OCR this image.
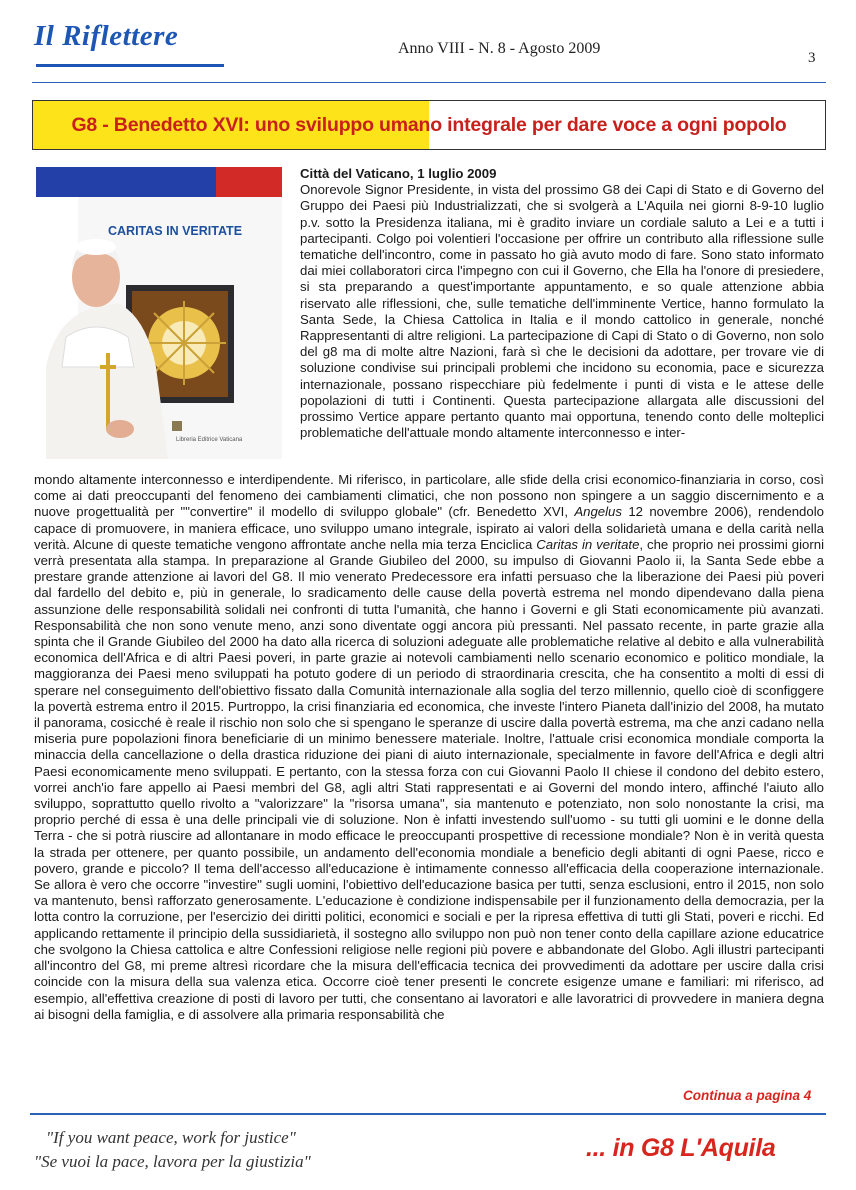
Il Riflettere	Anno VIII - N. 8 - Agosto 2009
3
G8 - Benedetto XVI: uno sviluppo umano integrale per dare voce a ogni popolo
CARITAS IN VERITATE
Libreria Editrice Vaticana
Città del Vaticano, 1 luglio 2009
Onorevole Signor Presidente, in vista del prossimo G8 dei Capi di Stato e di Governo del Gruppo dei Paesi più Industrializzati, che si svolgerà a L'Aquila nei giorni 8-9-10 luglio p.v. sotto la Presidenza italiana, mi è gradito inviare un cordiale saluto a Lei e a tutti i partecipanti. Colgo poi volentieri l'occasione per offrire un contributo alla riflessione sulle tematiche dell'incontro, come in passato ho già avuto modo di fare. Sono stato informato dai miei collaboratori circa l'impegno con cui il Governo, che Ella ha l'onore di presiedere, si sta preparando a quest'importante appuntamento, e so quale attenzione abbia riservato alle riflessioni, che, sulle tematiche dell'imminente Vertice, hanno formulato la Santa Sede, la Chiesa Cattolica in Italia e il mondo cattolico in generale, nonché Rappresentanti di altre religioni. La partecipazione di Capi di Stato o di Governo, non solo del g8 ma di molte altre Nazioni, farà sì che le decisioni da adottare, per trovare vie di soluzione condivise sui principali problemi che incidono su economia, pace e sicurezza internazionale, possano rispecchiare più fedelmente i punti di vista e le attese delle popolazioni di tutti i Continenti. Questa partecipazione allargata alle discussioni del prossimo Vertice appare pertanto quanto mai opportuna, tenendo conto delle molteplici problematiche dell'attuale mondo altamente interconnesso e inter-
mondo altamente interconnesso e interdipendente. Mi riferisco, in particolare, alle sfide della crisi economico-finanziaria in corso, così come ai dati preoccupanti del fenomeno dei cambiamenti climatici, che non possono non spingere a un saggio discernimento e a nuove progettualità per ""convertire" il modello di sviluppo globale" (cfr. Benedetto XVI, Angelus 12 novembre 2006), rendendolo capace di promuovere, in maniera efficace, uno sviluppo umano integrale, ispirato ai valori della solidarietà umana e della carità nella verità. Alcune di queste tematiche vengono affrontate anche nella mia terza Enciclica Caritas in veritate, che proprio nei prossimi giorni verrà presentata alla stampa. In preparazione al Grande Giubileo del 2000, su impulso di Giovanni Paolo ii, la Santa Sede ebbe a prestare grande attenzione ai lavori del G8. Il mio venerato Predecessore era infatti persuaso che la liberazione dei Paesi più poveri dal fardello del debito e, più in generale, lo sradicamento delle cause della povertà estrema nel mondo dipendevano dalla piena assunzione delle responsabilità solidali nei confronti di tutta l'umanità, che hanno i Governi e gli Stati economicamente più avanzati. Responsabilità che non sono venute meno, anzi sono diventate oggi ancora più pressanti. Nel passato recente, in parte grazie alla spinta che il Grande Giubileo del 2000 ha dato alla ricerca di soluzioni adeguate alle problematiche relative al debito e alla vulnerabilità economica dell'Africa e di altri Paesi poveri, in parte grazie ai notevoli cambiamenti nello scenario economico e politico mondiale, la maggioranza dei Paesi meno sviluppati ha potuto godere di un periodo di straordinaria crescita, che ha consentito a molti di essi di sperare nel conseguimento dell'obiettivo fissato dalla Comunità internazionale alla soglia del terzo millennio, quello cioè di sconfiggere la povertà estrema entro il 2015. Purtroppo, la crisi finanziaria ed economica, che investe l'intero Pianeta dall'inizio del 2008, ha mutato il panorama, cosicché è reale il rischio non solo che si spengano le speranze di uscire dalla povertà estrema, ma che anzi cadano nella miseria pure popolazioni finora beneficiarie di un minimo benessere materiale. Inoltre, l'attuale crisi economica mondiale comporta la minaccia della cancellazione o della drastica riduzione dei piani di aiuto internazionale, specialmente in favore dell'Africa e degli altri Paesi economicamente meno sviluppati. E pertanto, con la stessa forza con cui Giovanni Paolo II chiese il condono del debito estero, vorrei anch'io fare appello ai Paesi membri del G8, agli altri Stati rappresentati e ai Governi del mondo intero, affinché l'aiuto allo sviluppo, soprattutto quello rivolto a "valorizzare" la "risorsa umana", sia mantenuto e potenziato, non solo nonostante la crisi, ma proprio perché di essa è una delle principali vie di soluzione. Non è infatti investendo sull'uomo - su tutti gli uomini e le donne della Terra - che si potrà riuscire ad allontanare in modo efficace le preoccupanti prospettive di recessione mondiale? Non è in verità questa la strada per ottenere, per quanto possibile, un andamento dell'economia mondiale a beneficio degli abitanti di ogni Paese, ricco e povero, grande e piccolo? Il tema dell'accesso all'educazione è intimamente connesso all'efficacia della cooperazione internazionale. Se allora è vero che occorre "investire" sugli uomini, l'obiettivo dell'educazione basica per tutti, senza esclusioni, entro il 2015, non solo va mantenuto, bensì rafforzato generosamente. L'educazione è condizione indispensabile per il funzionamento della democrazia, per la lotta contro la corruzione, per l'esercizio dei diritti politici, economici e sociali e per la ripresa effettiva di tutti gli Stati, poveri e ricchi. Ed applicando rettamente il principio della sussidiarietà, il sostegno allo sviluppo non può non tener conto della capillare azione educatrice che svolgono la Chiesa cattolica e altre Confessioni religiose nelle regioni più povere e abbandonate del Globo. Agli illustri partecipanti all'incontro del G8, mi preme altresì ricordare che la misura dell'efficacia tecnica dei provvedimenti da adottare per uscire dalla crisi coincide con la misura della sua valenza etica. Occorre cioè tener presenti le concrete esigenze umane e familiari: mi riferisco, ad esempio, all'effettiva creazione di posti di lavoro per tutti, che consentano ai lavoratori e alle lavoratrici di provvedere in maniera degna ai bisogni della famiglia, e di assolvere alla primaria responsabilità che
Continua a pagina 4
"If you want peace, work for justice"
"Se vuoi la pace, lavora per la giustizia"	... in G8 L'Aquila
